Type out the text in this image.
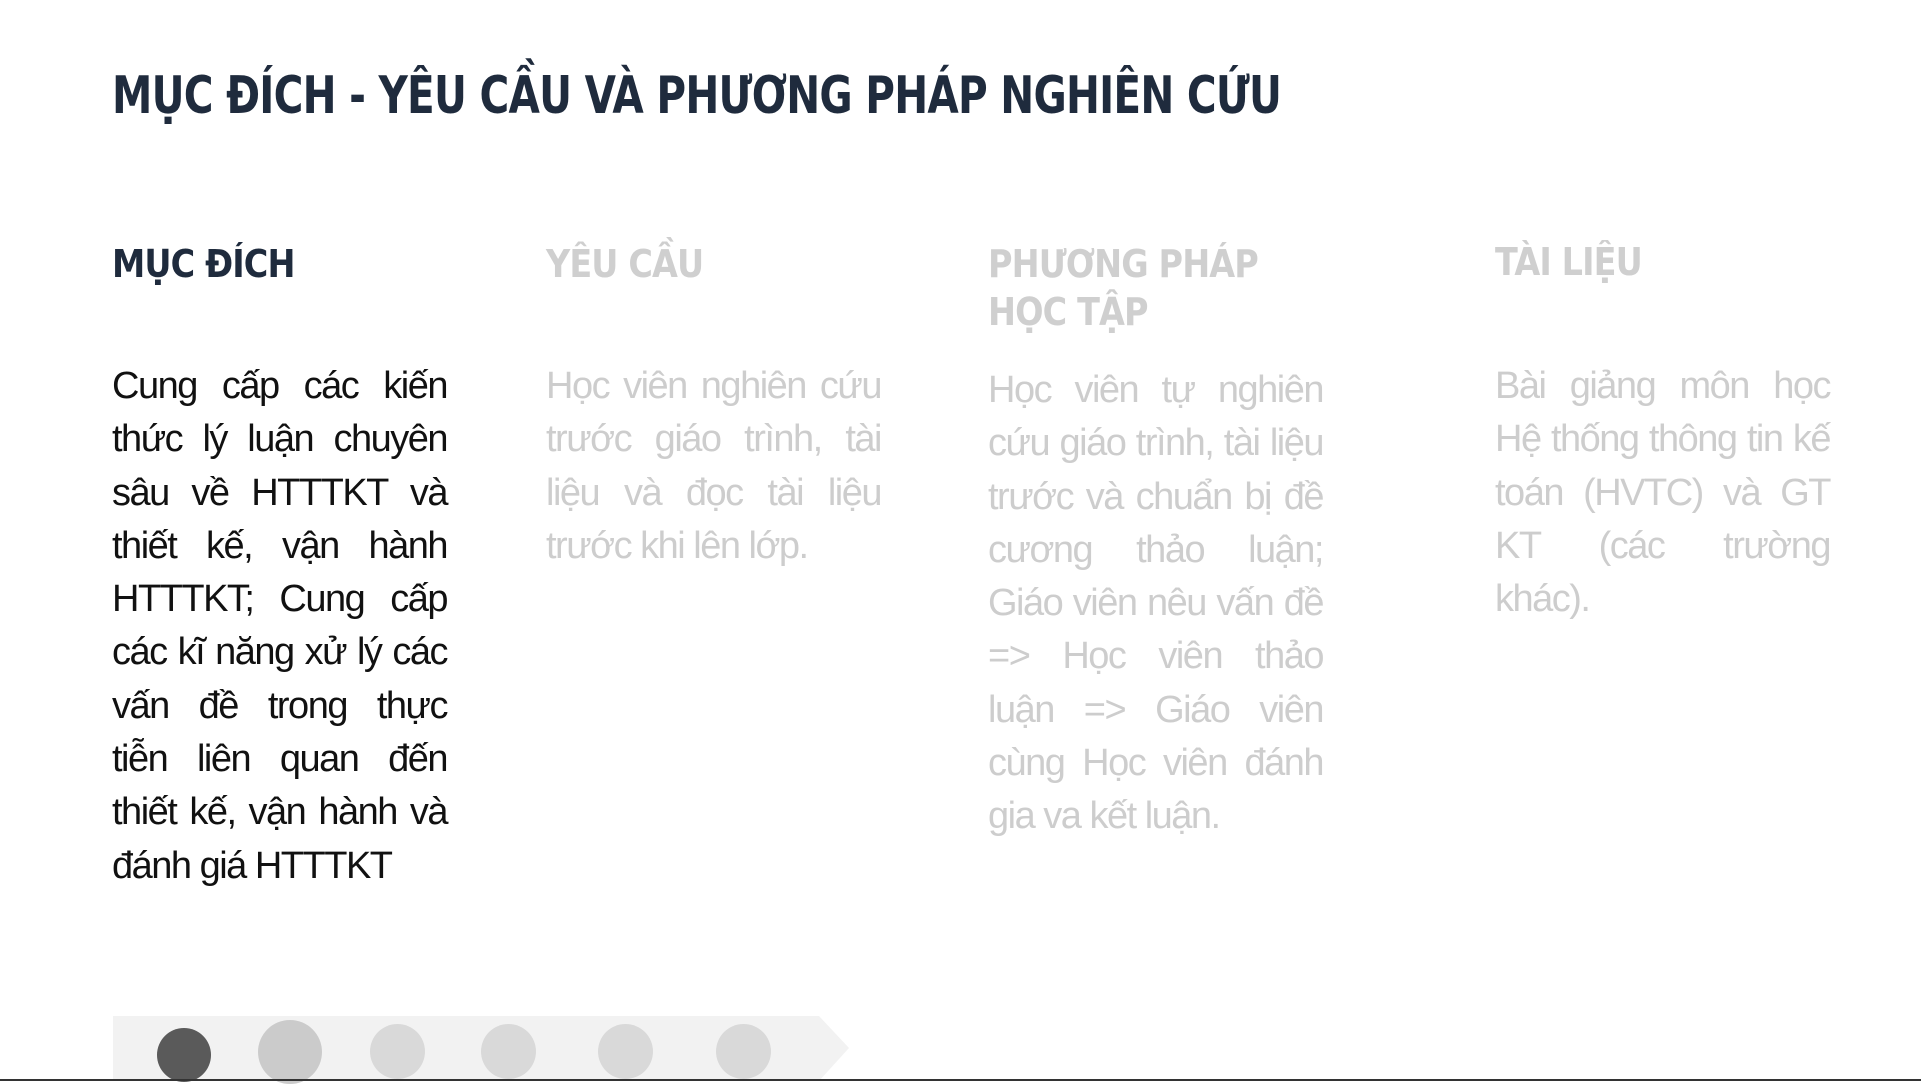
MỤC ĐÍCH - YÊU CẦU VÀ PHƯƠNG PHÁP NGHIÊN CỨU
MỤC ĐÍCH

Cung cấp các kiến thức lý luận chuyên sâu về HTTTKT và thiết kế, vận hành HTTTKT; Cung cấp các kĩ năng xử lý các vấn đề trong thực tiễn liên quan đến thiết kế, vận hành và đánh giá HTTTKT

YÊU CẦU

Học viên nghiên cứu trước giáo trình, tài liệu và đọc tài liệu trước khi lên lớp.

PHƯƠNG PHÁP
HỌC TẬP

Học viên tự nghiên cứu giáo trình, tài liệu trước và chuẩn bị đề cương thảo luận; Giáo viên nêu vấn đề => Học viên thảo luận => Giáo viên cùng Học viên đánh gia va kết luận.

TÀI LIỆU

Bài giảng môn học Hệ thống thông tin kế toán (HVTC) và GT KT (các trường khác).
